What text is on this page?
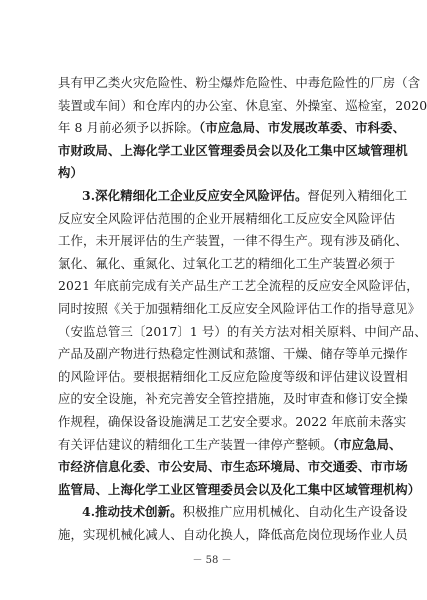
具有甲乙类火灾危险性、粉尘爆炸危险性、中毒危险性的厂房（含
装置或车间）和仓库内的办公室、休息室、外操室、巡检室，2020
年 8 月前必须予以拆除。（市应急局、市发展改革委、市科委、
市财政局、上海化学工业区管理委员会以及化工集中区域管理机
构）
3.深化精细化工企业反应安全风险评估。督促列入精细化工
反应安全风险评估范围的企业开展精细化工反应安全风险评估
工作，未开展评估的生产装置，一律不得生产。现有涉及硝化、
氯化、氟化、重氮化、过氧化工艺的精细化工生产装置必须于
2021 年底前完成有关产品生产工艺全流程的反应安全风险评估，
同时按照《关于加强精细化工反应安全风险评估工作的指导意见》
（安监总管三〔2017〕1 号）的有关方法对相关原料、中间产品、
产品及副产物进行热稳定性测试和蒸馏、干燥、储存等单元操作
的风险评估。要根据精细化工反应危险度等级和评估建议设置相
应的安全设施，补充完善安全管控措施，及时审查和修订安全操
作规程，确保设备设施满足工艺安全要求。2022 年底前未落实
有关评估建议的精细化工生产装置一律停产整顿。（市应急局、
市经济信息化委、市公安局、市生态环境局、市交通委、市市场
监管局、上海化学工业区管理委员会以及化工集中区域管理机构）
4.推动技术创新。积极推广应用机械化、自动化生产设备设
施，实现机械化减人、自动化换人，降低高危岗位现场作业人员
－ 58 －
